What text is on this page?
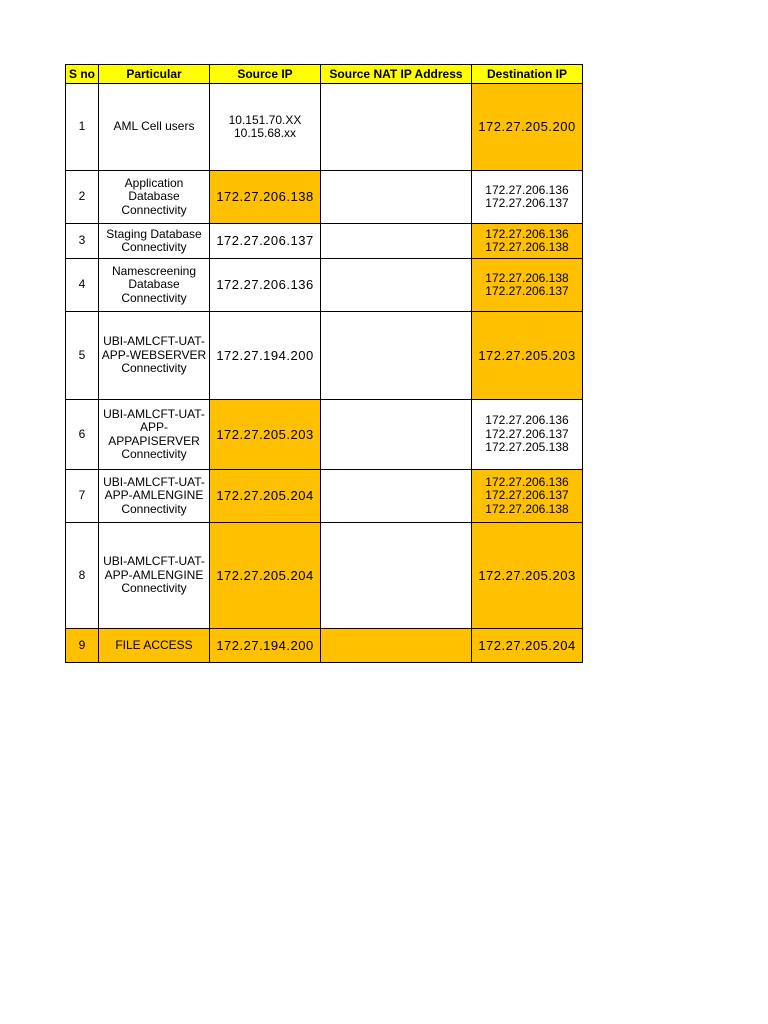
S no	Particular	Source IP	Source NAT IP Address	Destination IP
1	AML Cell users	10.151.70.XX
10.15.68.xx		172.27.205.200

2	Application
Database
Connectivity	172.27.206.138		172.27.206.136
172.27.206.137

3	Staging Database
Connectivity	172.27.206.137		172.27.206.136
172.27.206.138

4	Namescreening
Database
Connectivity	172.27.206.136		172.27.206.138
172.27.206.137

5	UBI-AMLCFT-UAT-
APP-WEBSERVER
Connectivity	172.27.194.200		172.27.205.203

6	UBI-AMLCFT-UAT-
APP-
APPAPISERVER
Connectivity	172.27.205.203		172.27.206.136
172.27.206.137
172.27.205.138

7	UBI-AMLCFT-UAT-
APP-AMLENGINE
Connectivity	172.27.205.204		172.27.206.136
172.27.206.137
172.27.206.138

8	UBI-AMLCFT-UAT-
APP-AMLENGINE
Connectivity	172.27.205.204		172.27.205.203

9	FILE ACCESS	172.27.194.200		172.27.205.204
